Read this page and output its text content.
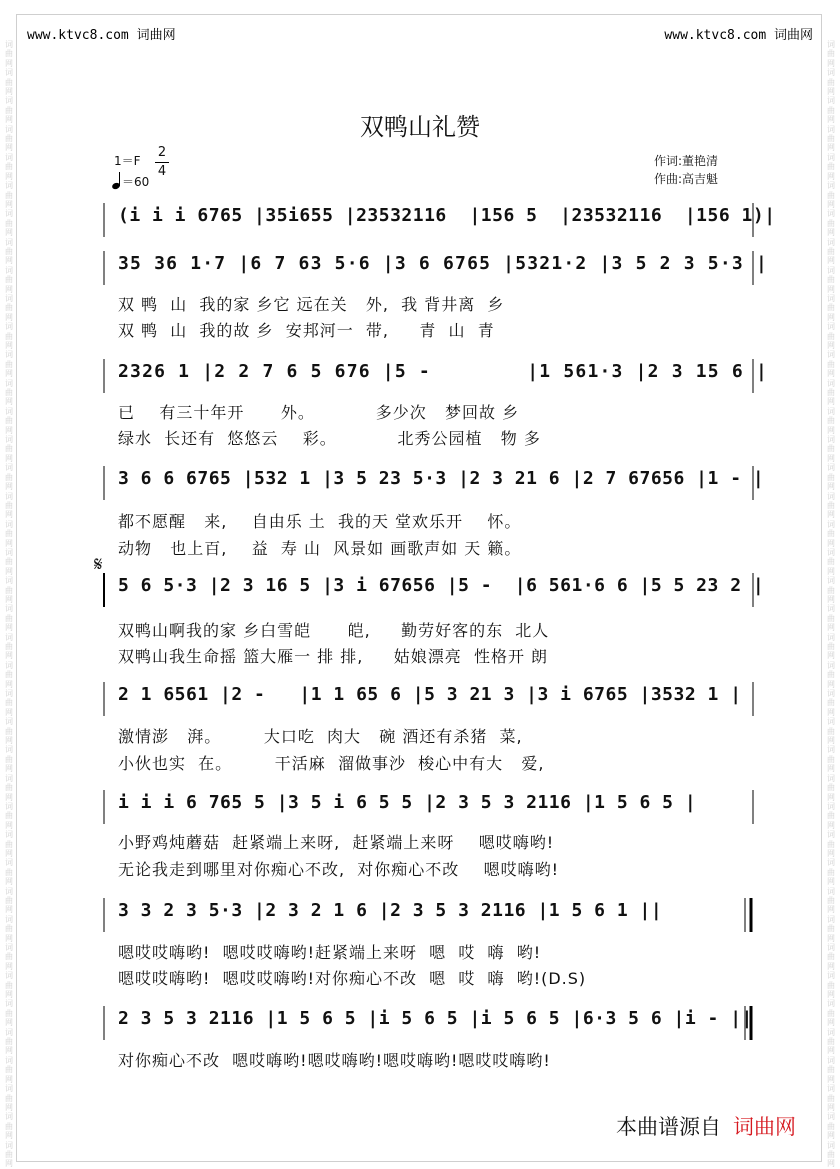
词曲网词曲网词曲网词曲网词曲网词曲网词曲网词曲网词曲网词曲网词曲网词曲网词曲网词曲网词曲网词曲网词曲网词曲网词曲网词曲网词曲网词曲网词曲网词曲网词曲网词曲网词曲网词曲网词曲网词曲网词曲网词曲网词曲网词曲网词曲网词曲网词曲网词曲网词曲网词曲网
词曲网词曲网词曲网词曲网词曲网词曲网词曲网词曲网词曲网词曲网词曲网词曲网词曲网词曲网词曲网词曲网词曲网词曲网词曲网词曲网词曲网词曲网词曲网词曲网词曲网词曲网词曲网词曲网词曲网词曲网词曲网词曲网词曲网词曲网词曲网词曲网词曲网词曲网词曲网词曲网
www.ktvc8.com 词曲网	www.ktvc8.com 词曲网
双鸭山礼赞
1＝F
2
4
＝60
作词:董艳清
作曲:高吉魁
𝄋
(i i i 6765 |35i655 |23532116  |156 5  |23532116  |156 1)|
35 36 1·7 |6 7 63 5·6 |3 6 6765 |5321·2 |3 5 2 3 5·3 |
双 鸭  山  我的家 乡它 远在关   外,  我 背井离  乡
双 鸭  山  我的故 乡  安邦河一  带,     青  山  青
2326 1 |2 2 7 6 5 676 |5 -        |1 561·3 |2 3 15 6 |
已    有三十年开      外。          多少次   梦回故 乡
绿水  长还有  悠悠云    彩。          北秀公园植   物 多
3 6 6 6765 |532 1 |3 5 23 5·3 |2 3 21 6 |2 7 67656 |1 - |
都不愿醒   来,    自由乐 土  我的天 堂欢乐开    怀。
动物   也上百,    益  寿 山  风景如 画歌声如 天 籁。
5 6 5·3 |2 3 16 5 |3 i 67656 |5 -  |6 561·6 6 |5 5 23 2 |
双鸭山啊我的家 乡白雪皑      皑,     勤劳好客的东  北人
双鸭山我生命摇 篮大雁一 排 排,     姑娘漂亮  性格开 朗
2 1 6561 |2 -   |1 1 65 6 |5 3 21 3 |3 i 6765 |3532 1 |
激情澎   湃。       大口吃  肉大   碗 酒还有杀猪  菜,
小伙也实  在。       干活麻  溜做事沙  梭心中有大   爱,
i i i 6 765 5 |3 5 i 6 5 5 |2 3 5 3 2116 |1 5 6 5 |
小野鸡炖蘑菇  赶紧端上来呀,  赶紧端上来呀    嗯哎嗨哟!
无论我走到哪里对你痴心不改,  对你痴心不改    嗯哎嗨哟!
3 3 2 3 5·3 |2 3 2 1 6 |2 3 5 3 2116 |1 5 6 1 ||
嗯哎哎嗨哟!  嗯哎哎嗨哟!赶紧端上来呀  嗯  哎  嗨  哟!
嗯哎哎嗨哟!  嗯哎哎嗨哟!对你痴心不改  嗯  哎  嗨  哟!(D.S)
2 3 5 3 2116 |1 5 6 5 |i 5 6 5 |i 5 6 5 |6·3 5 6 |i - ||
对你痴心不改  嗯哎嗨哟!嗯哎嗨哟!嗯哎嗨哟!嗯哎哎嗨哟!
本曲谱源自 词曲网
